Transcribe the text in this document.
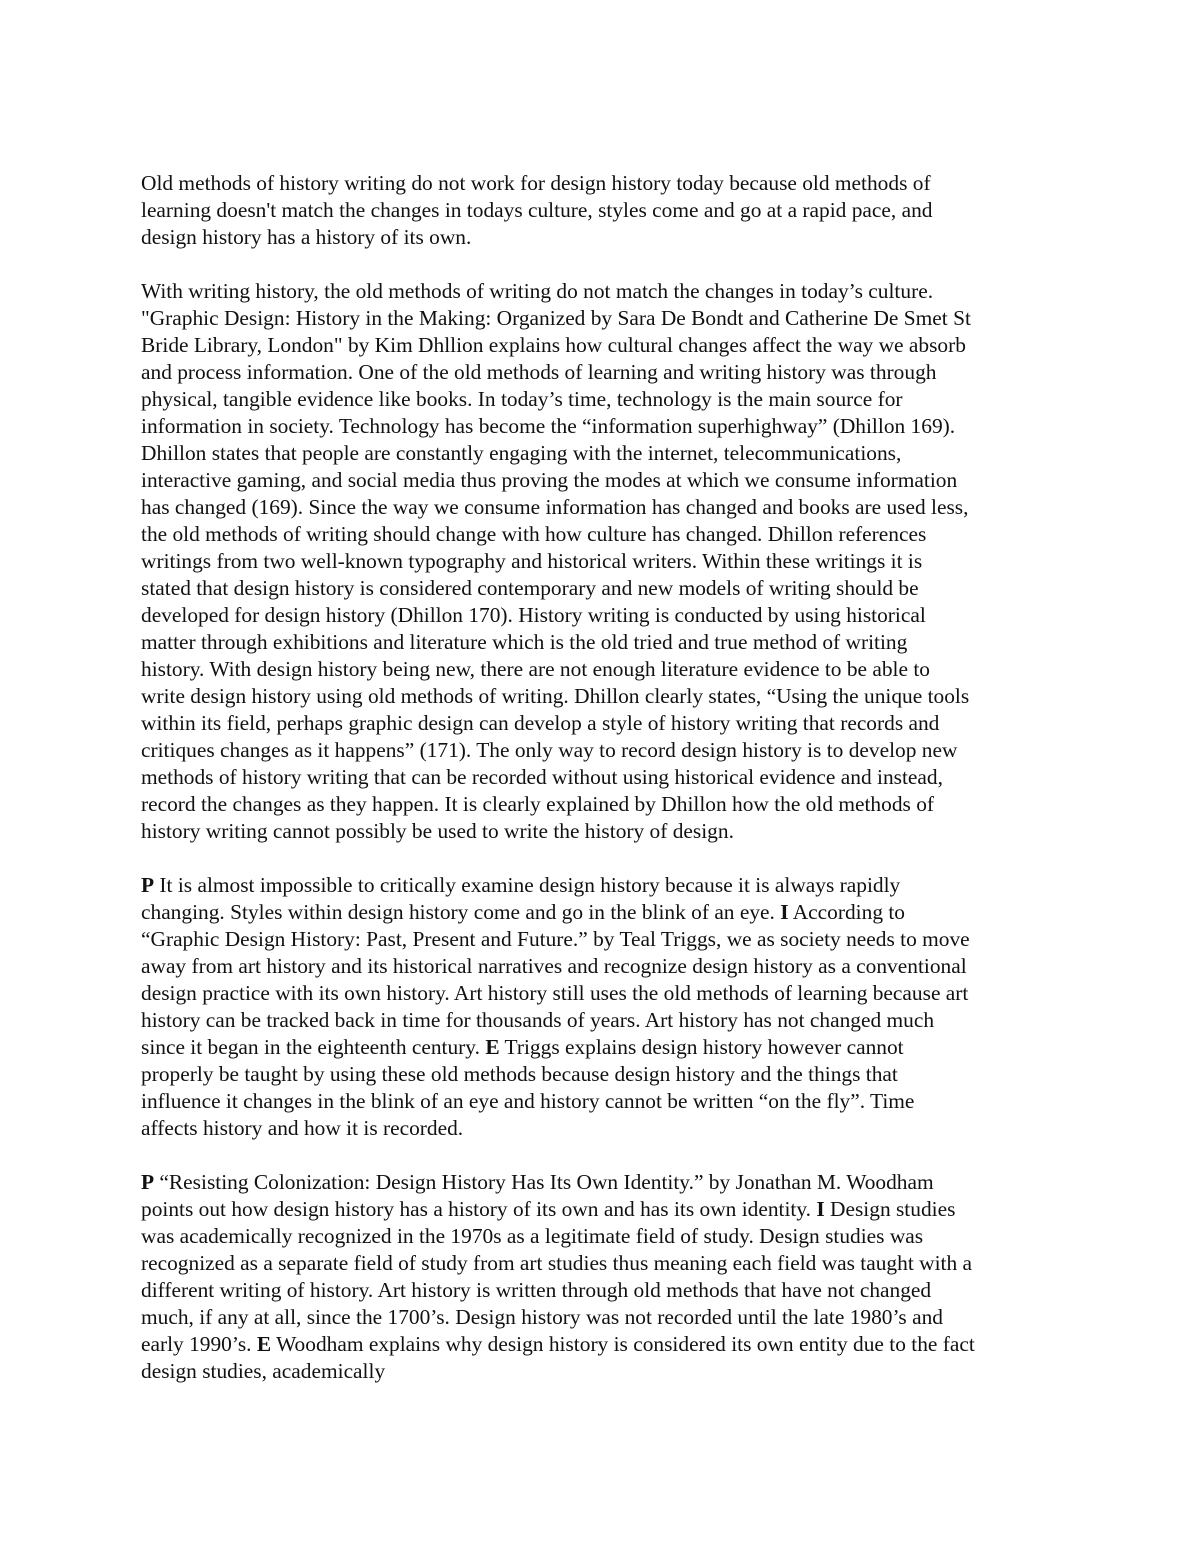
Old methods of history writing do not work for design history today because old methods of
learning doesn't match the changes in todays culture, styles come and go at a rapid pace, and
design history has a history of its own.
With writing history, the old methods of writing do not match the changes in today’s culture.
"Graphic Design: History in the Making: Organized by Sara De Bondt and Catherine De Smet St
Bride Library, London" by Kim Dhllion explains how cultural changes affect the way we absorb
and process information. One of the old methods of learning and writing history was through
physical, tangible evidence like books. In today’s time, technology is the main source for
information in society. Technology has become the “information superhighway” (Dhillon 169).
Dhillon states that people are constantly engaging with the internet, telecommunications,
interactive gaming, and social media thus proving the modes at which we consume information
has changed (169). Since the way we consume information has changed and books are used less,
the old methods of writing should change with how culture has changed. Dhillon references
writings from two well-known typography and historical writers. Within these writings it is
stated that design history is considered contemporary and new models of writing should be
developed for design history (Dhillon 170). History writing is conducted by using historical
matter through exhibitions and literature which is the old tried and true method of writing
history. With design history being new, there are not enough literature evidence to be able to
write design history using old methods of writing. Dhillon clearly states, “Using the unique tools
within its field, perhaps graphic design can develop a style of history writing that records and
critiques changes as it happens” (171). The only way to record design history is to develop new
methods of history writing that can be recorded without using historical evidence and instead,
record the changes as they happen. It is clearly explained by Dhillon how the old methods of
history writing cannot possibly be used to write the history of design.
P It is almost impossible to critically examine design history because it is always rapidly
changing. Styles within design history come and go in the blink of an eye. I According to
“Graphic Design History: Past, Present and Future.” by Teal Triggs, we as society needs to move
away from art history and its historical narratives and recognize design history as a conventional
design practice with its own history. Art history still uses the old methods of learning because art
history can be tracked back in time for thousands of years. Art history has not changed much
since it began in the eighteenth century. E Triggs explains design history however cannot
properly be taught by using these old methods because design history and the things that
influence it changes in the blink of an eye and history cannot be written “on the fly”. Time
affects history and how it is recorded.
P “Resisting Colonization: Design History Has Its Own Identity.” by Jonathan M. Woodham
points out how design history has a history of its own and has its own identity. I Design studies
was academically recognized in the 1970s as a legitimate field of study. Design studies was
recognized as a separate field of study from art studies thus meaning each field was taught with a
different writing of history. Art history is written through old methods that have not changed
much, if any at all, since the 1700’s. Design history was not recorded until the late 1980’s and
early 1990’s. E Woodham explains why design history is considered its own entity due to the fact
design studies, academically
